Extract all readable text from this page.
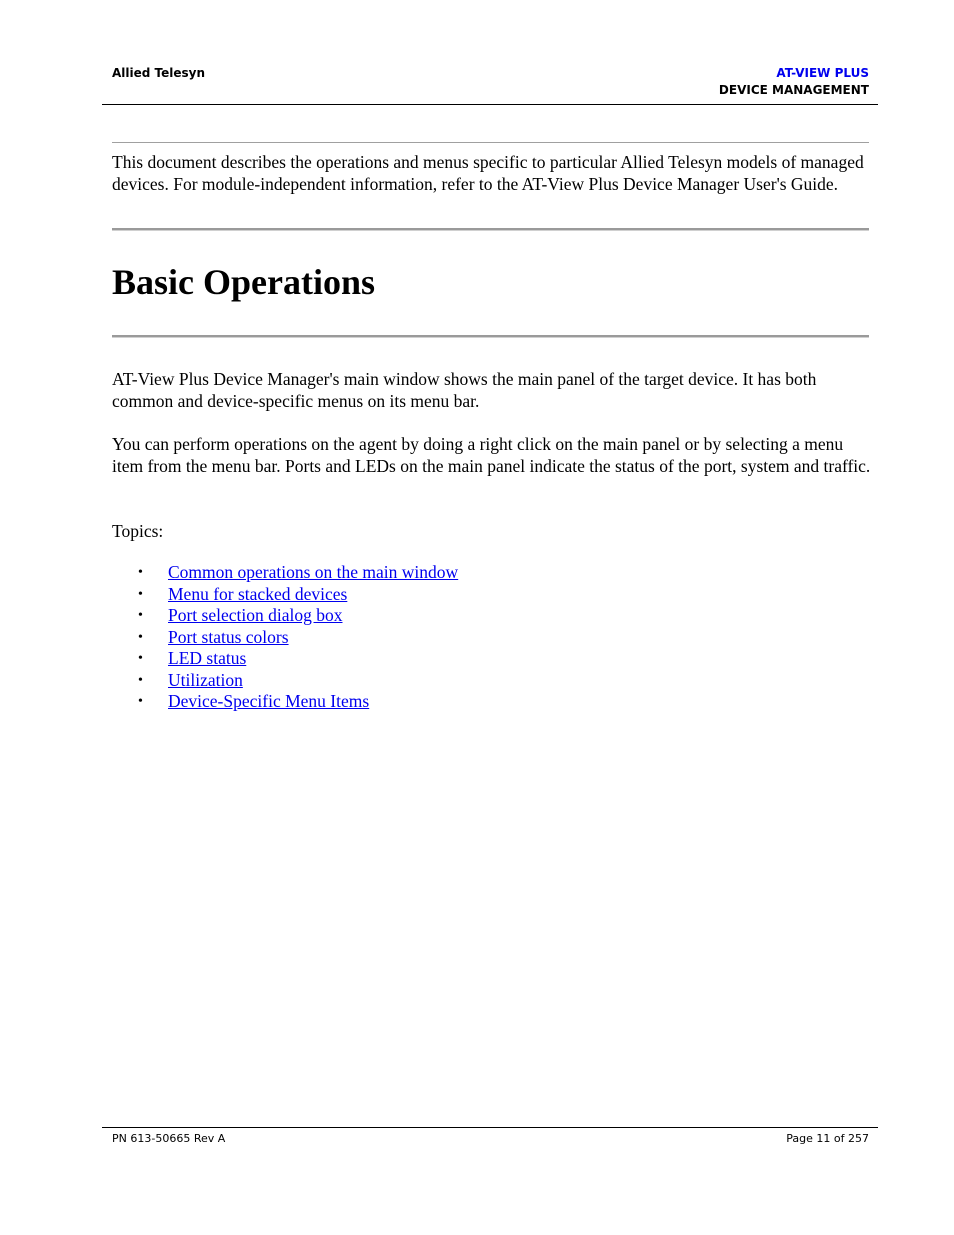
Allied Telesyn	AT-VIEW PLUS
DEVICE MANAGEMENT

This document describes the operations and menus specific to particular Allied Telesyn models of managed devices. For module-independent information, refer to the AT-View Plus Device Manager User's Guide.

Basic Operations

AT-View Plus Device Manager's main window shows the main panel of the target device. It has both common and device-specific menus on its menu bar.

You can perform operations on the agent by doing a right click on the main panel or by selecting a menu item from the menu bar. Ports and LEDs on the main panel indicate the status of the port, system and traffic.

Topics:

• Common operations on the main window
• Menu for stacked devices
• Port selection dialog box
• Port status colors
• LED status
• Utilization
• Device-Specific Menu Items
PN 613-50665 Rev A	Page 11 of 257
